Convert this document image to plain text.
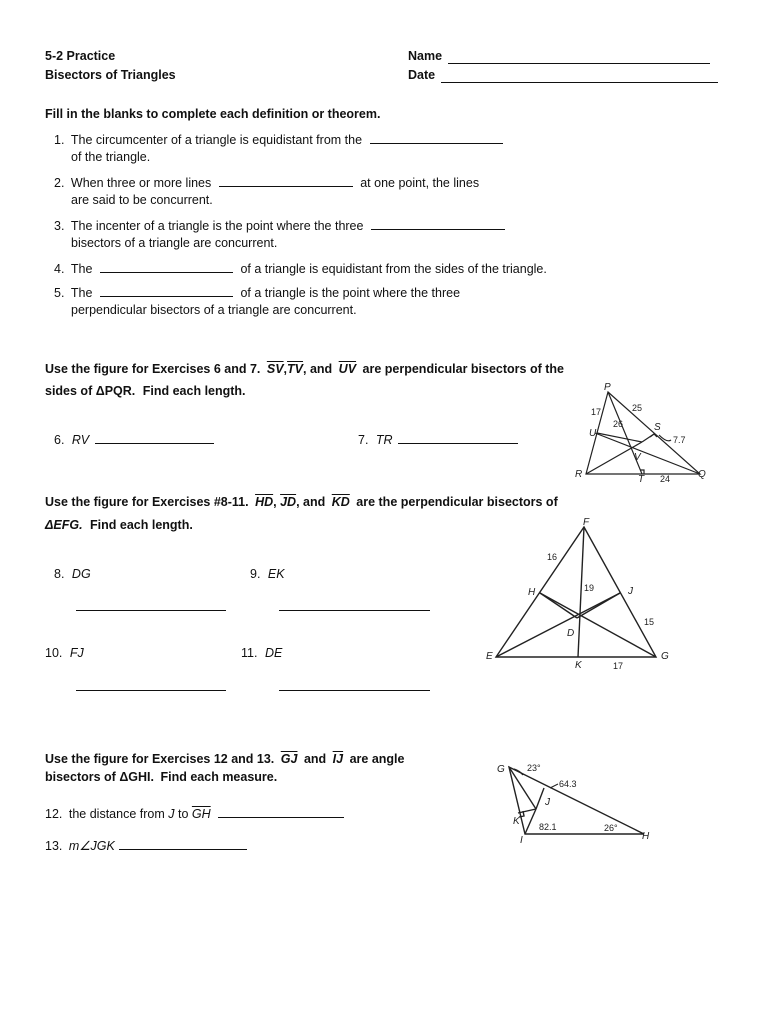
5-2 Practice
Bisectors of Triangles
Name
Date
Fill in the blanks to complete each definition or theorem.
1. The circumcenter of a triangle is equidistant from the
of the triangle.
2. When three or more lines	at one point, the lines
are said to be concurrent.
3. The incenter of a triangle is the point where the three
bisectors of a triangle are concurrent.
4. The	of a triangle is equidistant from the sides of the triangle.
5. The	of a triangle is the point where the three
perpendicular bisectors of a triangle are concurrent.
Use the figure for Exercises 6 and 7. $\overline{SV},\overline{TV}$, and $\overline{UV}$ are perpendicular bisectors of the
sides of ΔPQR. Find each length.
6. RV	7. TR
P
R	Q
S
T
U
V
17	25
26
7.7
24
Use the figure for Exercises #8-11. $\overline{HD}$, $\overline{JD}$, and $\overline{KD}$ are the perpendicular bisectors of
ΔEFG. Find each length.
8. DG	9. EK
10. FJ	11. DE
F
E	G
H	J
K
D
16
19
15
17
Use the figure for Exercises 12 and 13. $\overline{GJ}$ and $\overline{IJ}$ are angle
bisectors of ΔGHI. Find each measure.
12. the distance from J to $\overline{GH}$
13. m∠JGK
G
H
I
J
K
23°
64.3
82.1	26°
